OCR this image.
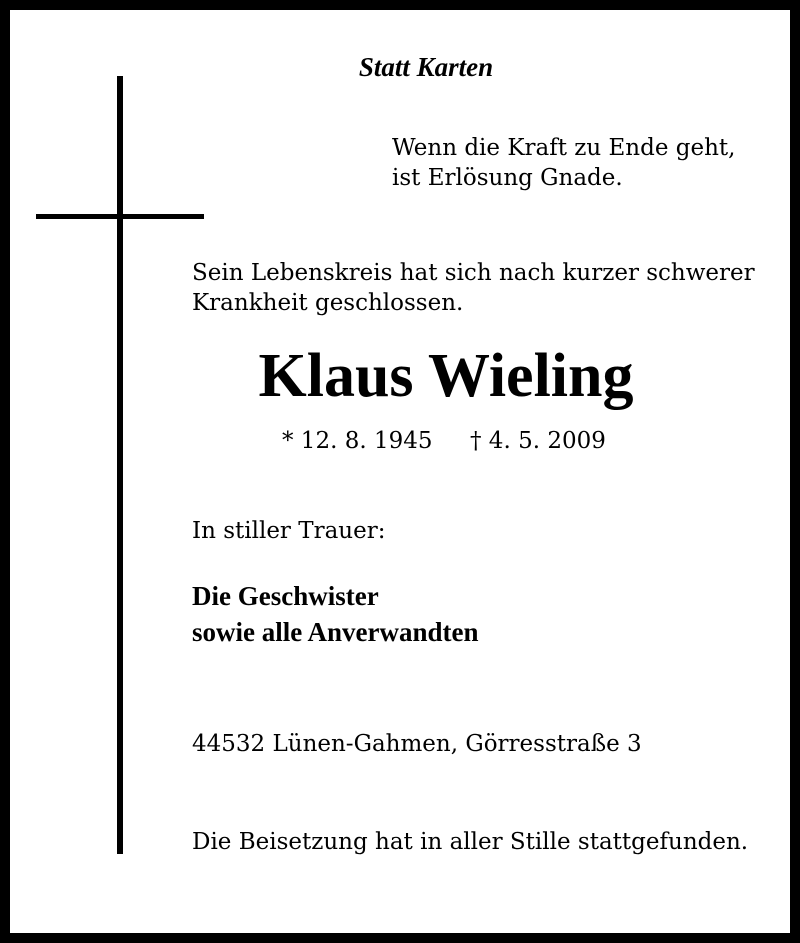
Statt Karten

Wenn die Kraft zu Ende geht,
ist Erlösung Gnade.
Sein Lebenskreis hat sich nach kurzer schwerer
Krankheit geschlossen.
Klaus Wieling

* 12. 8. 1945 † 4. 5. 2009

In stiller Trauer:

Die Geschwister
sowie alle Anverwandten

44532 Lünen-Gahmen, Görresstraße 3

Die Beisetzung hat in aller Stille stattgefunden.
